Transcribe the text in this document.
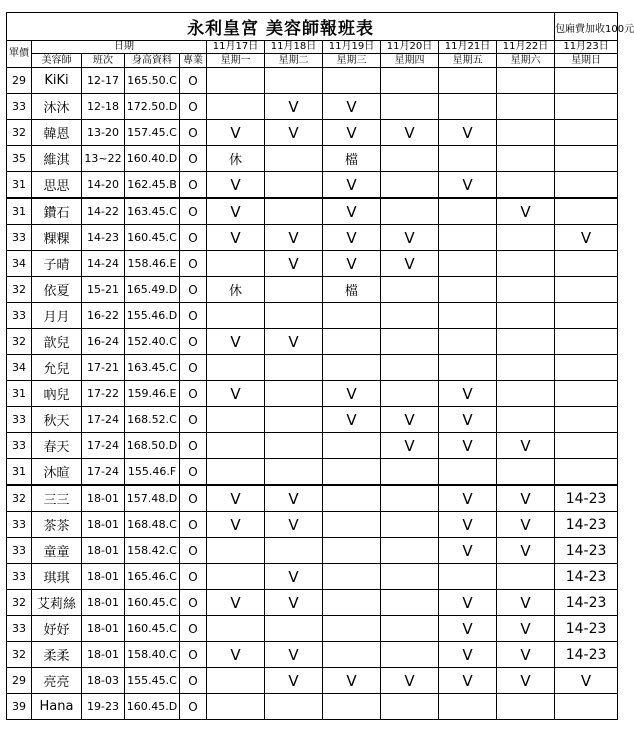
永利皇宮 美容師報班表											包廂費加收100元
單價	日期				11月17日	11月18日	11月19日	11月20日	11月21日	11月22日	11月23日
	美容師	班次	身高資料	專業	星期一	星期二	星期三	星期四	星期五	星期六	星期日
29	KiKi	12-17	165.50.C	O							
33	沐沐	12-18	172.50.D	O		V	V				
32	韓恩	13-20	157.45.C	O	V	V	V	V	V		
35	維淇	13~22	160.40.D	O	休		檔				
31	思思	14-20	162.45.B	O	V		V		V		
31	鑽石	14-22	163.45.C	O	V		V			V	
33	粿粿	14-23	160.45.C	O	V	V	V	V			V
34	子晴	14-24	158.46.E	O		V	V	V			
32	依夏	15-21	165.49.D	O	休		檔				
33	月月	16-22	155.46.D	O							
32	歆兒	16-24	152.40.C	O	V	V					
34	允兒	17-21	163.45.C	O							
31	吶兒	17-22	159.46.E	O	V		V		V		
33	秋天	17-24	168.52.C	O			V	V	V		
33	春天	17-24	168.50.D	O				V	V	V	
31	沐暄	17-24	155.46.F	O							
32	三三	18-01	157.48.D	O	V	V			V	V	14-23
33	茶茶	18-01	168.48.C	O	V	V			V	V	14-23
33	童童	18-01	158.42.C	O					V	V	14-23
33	琪琪	18-01	165.46.C	O		V					14-23
32	艾莉絲	18-01	160.45.C	O	V	V			V	V	14-23
33	妤妤	18-01	160.45.C	O					V	V	14-23
32	柔柔	18-01	158.40.C	O	V	V			V	V	14-23
29	亮亮	18-03	155.45.C	O		V	V	V	V	V	V
39	Hana	19-23	160.45.D	O							
